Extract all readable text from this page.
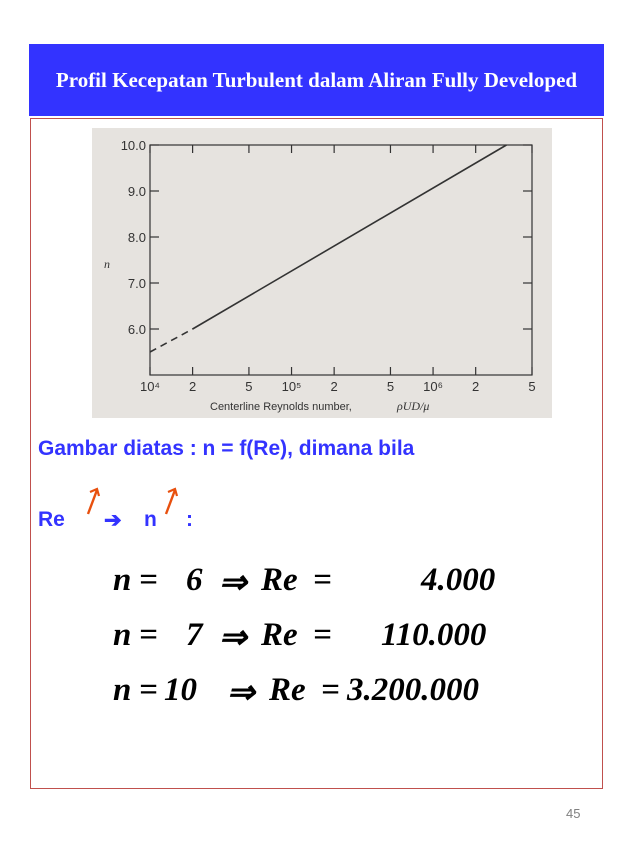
Profil Kecepatan Turbulent dalam Aliran Fully Developed
10.0
9.0
8.0
7.0
6.0
10⁴ 2	5 10⁵ 2	5 10⁶ 2	5
n
Centerline Reynolds number,	ρUD/μ
Gambar diatas : n = f(Re), dimana bila
Re ➔ n :
n = 6 ⇒ Re =	4.000
n = 7 ⇒ Re = 110.000
n = 10 ⇒ Re = 3.200.000
45
